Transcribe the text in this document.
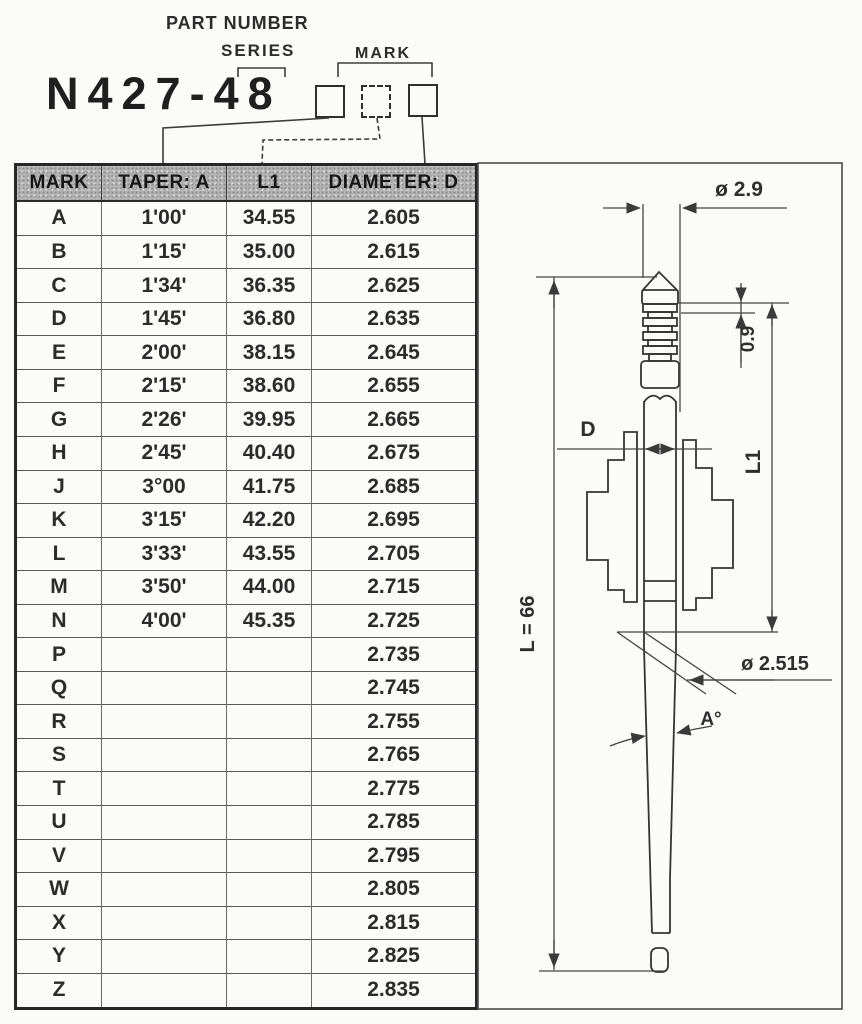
PART NUMBER
SERIES	MARK
N427-48
MARK	TAPER: A	L1	DIAMETER: D
A	1'00'	34.55	2.605
B	1'15'	35.00	2.615
C	1'34'	36.35	2.625
D	1'45'	36.80	2.635
E	2'00'	38.15	2.645
F	2'15'	38.60	2.655
G	2'26'	39.95	2.665
H	2'45'	40.40	2.675
J	3°00	41.75	2.685
K	3'15'	42.20	2.695
L	3'33'	43.55	2.705
M	3'50'	44.00	2.715
N	4'00'	45.35	2.725
P			2.735
Q			2.745
R			2.755
S			2.765
T			2.775
U			2.785
V			2.795
W			2.805
X			2.815
Y			2.825
Z			2.835
ø 2.9
0.9
D
L1
L = 66
ø 2.515
A°
